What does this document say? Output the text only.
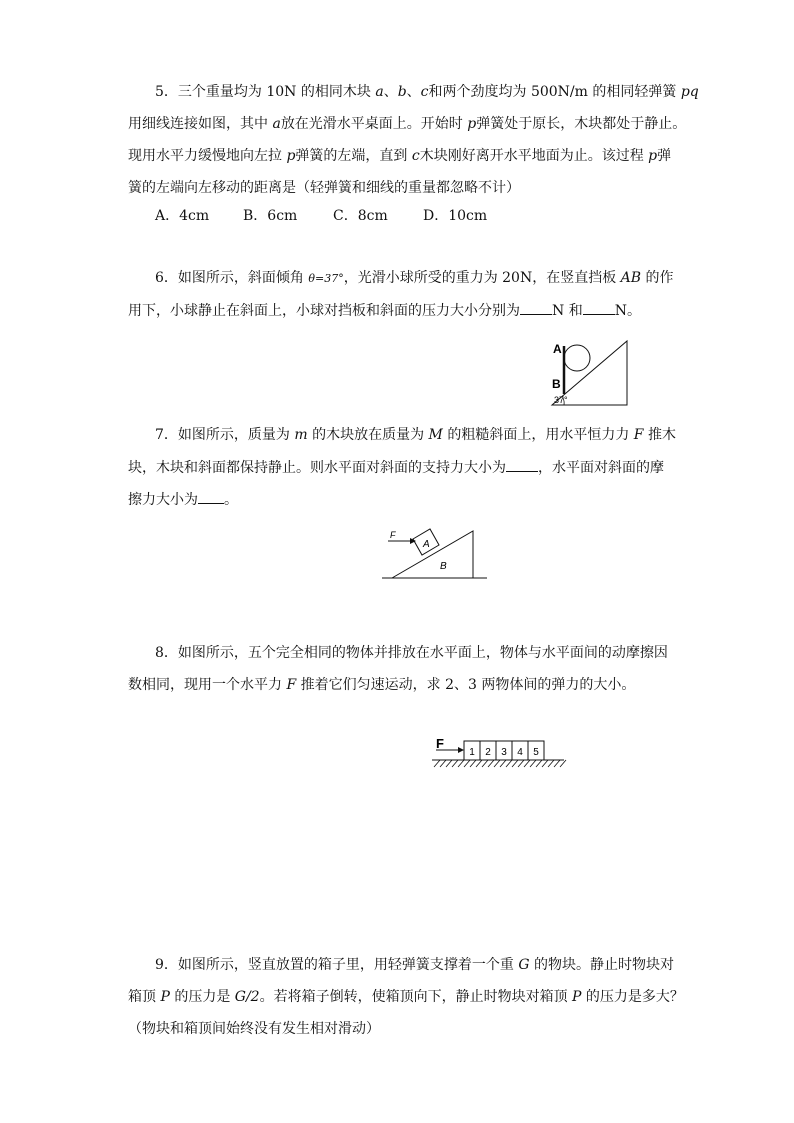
5．三个重量均为 10N 的相同木块 a、b、c和两个劲度均为 500N/m 的相同轻弹簧 pq
用细线连接如图，其中 a放在光滑水平桌面上。开始时 p弹簧处于原长，木块都处于静止。
现用水平力缓慢地向左拉 p弹簧的左端，直到 c木块刚好离开水平地面为止。该过程 p弹
簧的左端向左移动的距离是（轻弹簧和细线的重量都忽略不计）
A．4cm B．6cm	C．8cm	D．10cm
6．如图所示，斜面倾角 θ=37°，光滑小球所受的重力为 20N，在竖直挡板 AB 的作
用下，小球静止在斜面上，小球对挡板和斜面的压力大小分别为 N 和 N。
A
B
37°
7．如图所示，质量为 m 的木块放在质量为 M 的粗糙斜面上，用水平恒力力 F 推木
块，木块和斜面都保持静止。则水平面对斜面的支持力大小为 ，水平面对斜面的摩
擦力大小为 。
F
A
B
8．如图所示，五个完全相同的物体并排放在水平面上，物体与水平面间的动摩擦因
数相同，现用一个水平力 F 推着它们匀速运动，求 2、3 两物体间的弹力的大小。
1 2 3 4 5
F
9．如图所示，竖直放置的箱子里，用轻弹簧支撑着一个重 G 的物块。静止时物块对
箱顶 P 的压力是 G/2。若将箱子倒转，使箱顶向下，静止时物块对箱顶 P 的压力是多大？
（物块和箱顶间始终没有发生相对滑动）
